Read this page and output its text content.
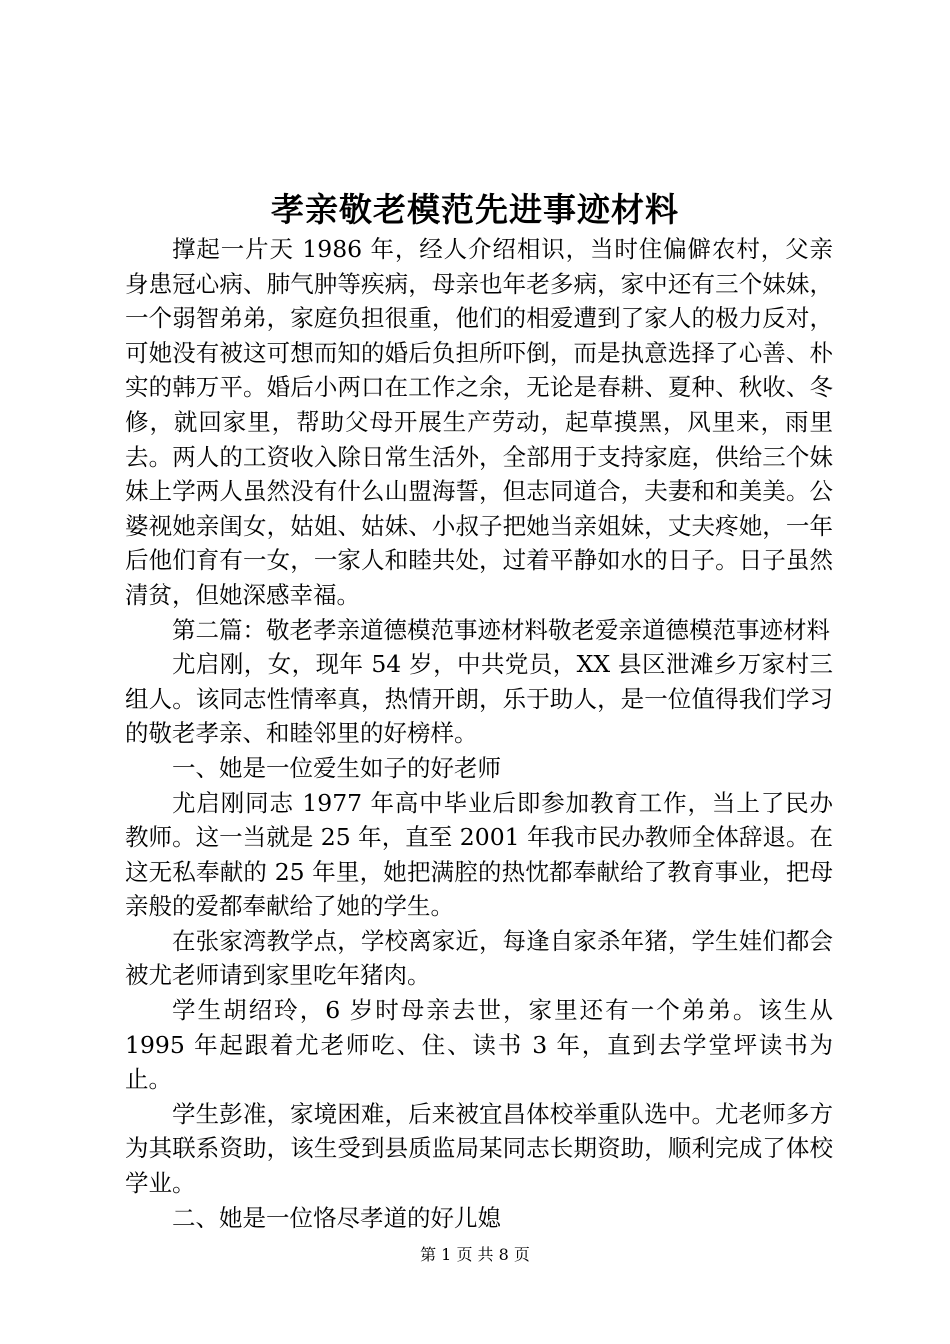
孝亲敬老模范先进事迹材料

撑起一片天 1986 年，经人介绍相识，当时住偏僻农村，父亲身患冠心病、肺气肿等疾病，母亲也年老多病，家中还有三个妹妹，一个弱智弟弟，家庭负担很重，他们的相爱遭到了家人的极力反对，可她没有被这可想而知的婚后负担所吓倒，而是执意选择了心善、朴实的韩万平。婚后小两口在工作之余，无论是春耕、夏种、秋收、冬修，就回家里，帮助父母开展生产劳动，起草摸黑，风里来，雨里去。两人的工资收入除日常生活外，全部用于支持家庭，供给三个妹妹上学两人虽然没有什么山盟海誓，但志同道合，夫妻和和美美。公婆视她亲闺女，姑姐、姑妹、小叔子把她当亲姐妹，丈夫疼她，一年后他们育有一女，一家人和睦共处，过着平静如水的日子。日子虽然清贫，但她深感幸福。

第二篇：敬老孝亲道德模范事迹材料敬老爱亲道德模范事迹材料

尤启刚，女，现年 54 岁，中共党员，XX 县区泄滩乡万家村三组人。该同志性情率真，热情开朗，乐于助人，是一位值得我们学习的敬老孝亲、和睦邻里的好榜样。

一、她是一位爱生如子的好老师

尤启刚同志 1977 年高中毕业后即参加教育工作，当上了民办教师。这一当就是 25 年，直至 2001 年我市民办教师全体辞退。在这无私奉献的 25 年里，她把满腔的热忱都奉献给了教育事业，把母亲般的爱都奉献给了她的学生。

在张家湾教学点，学校离家近，每逢自家杀年猪，学生娃们都会被尤老师请到家里吃年猪肉。

学生胡绍玲，6 岁时母亲去世，家里还有一个弟弟。该生从 1995 年起跟着尤老师吃、住、读书 3 年，直到去学堂坪读书为止。

学生彭准，家境困难，后来被宜昌体校举重队选中。尤老师多方为其联系资助，该生受到县质监局某同志长期资助，顺利完成了体校学业。

二、她是一位恪尽孝道的好儿媳

第 1 页 共 8 页
